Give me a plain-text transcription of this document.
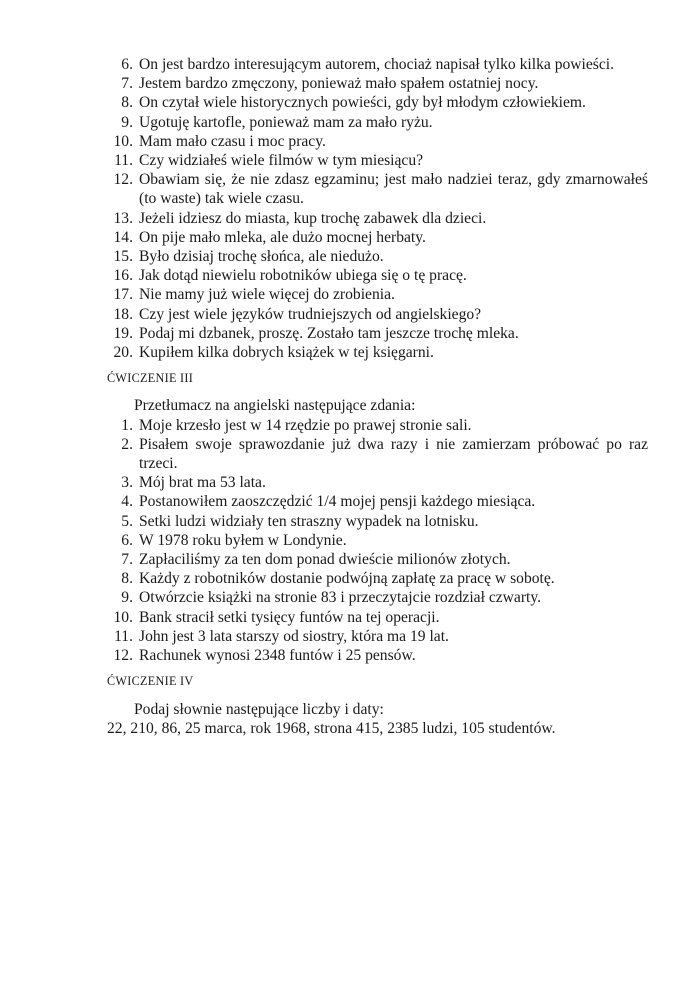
6. On jest bardzo interesującym autorem, chociaż napisał tylko kilka powieści.
7. Jestem bardzo zmęczony, ponieważ mało spałem ostatniej nocy.
8. On czytał wiele historycznych powieści, gdy był młodym człowiekiem.
9. Ugotuję kartofle, ponieważ mam za mało ryżu.
10. Mam mało czasu i moc pracy.
11. Czy widziałeś wiele filmów w tym miesiącu?
12. Obawiam się, że nie zdasz egzaminu; jest mało nadziei teraz, gdy zmarnowałeś (to waste) tak wiele czasu.
13. Jeżeli idziesz do miasta, kup trochę zabawek dla dzieci.
14. On pije mało mleka, ale dużo mocnej herbaty.
15. Było dzisiaj trochę słońca, ale niedużo.
16. Jak dotąd niewielu robotników ubiega się o tę pracę.
17. Nie mamy już wiele więcej do zrobienia.
18. Czy jest wiele języków trudniejszych od angielskiego?
19. Podaj mi dzbanek, proszę. Zostało tam jeszcze trochę mleka.
20. Kupiłem kilka dobrych książek w tej księgarni.
ĆWICZENIE III
Przetłumacz na angielski następujące zdania:
1. Moje krzesło jest w 14 rzędzie po prawej stronie sali.
2. Pisałem swoje sprawozdanie już dwa razy i nie zamierzam próbować po raz trzeci.
3. Mój brat ma 53 lata.
4. Postanowiłem zaoszczędzić 1/4 mojej pensji każdego miesiąca.
5. Setki ludzi widziały ten straszny wypadek na lotnisku.
6. W 1978 roku byłem w Londynie.
7. Zapłaciliśmy za ten dom ponad dwieście milionów złotych.
8. Każdy z robotników dostanie podwójną zapłatę za pracę w sobotę.
9. Otwórzcie książki na stronie 83 i przeczytajcie rozdział czwarty.
10. Bank stracił setki tysięcy funtów na tej operacji.
11. John jest 3 lata starszy od siostry, która ma 19 lat.
12. Rachunek wynosi 2348 funtów i 25 pensów.
ĆWICZENIE IV
Podaj słownie następujące liczby i daty:
22, 210, 86, 25 marca, rok 1968, strona 415, 2385 ludzi, 105 studentów.
